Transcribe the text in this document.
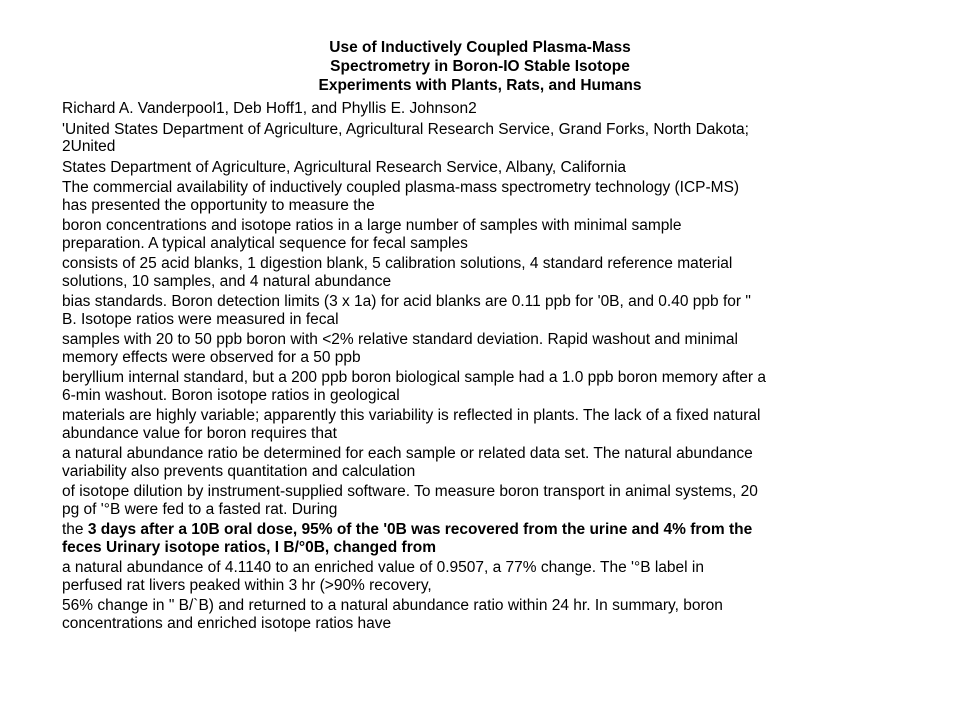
Use of Inductively Coupled Plasma-Mass
Spectrometry in Boron-IO Stable Isotope
Experiments with Plants, Rats, and Humans

Richard A. Vanderpool1, Deb Hoff1, and Phyllis E. Johnson2

'United States Department of Agriculture, Agricultural Research Service, Grand Forks, North Dakota;
2United

States Department of Agriculture, Agricultural Research Service, Albany, California

The commercial availability of inductively coupled plasma-mass spectrometry technology (ICP-MS)
has presented the opportunity to measure the

boron concentrations and isotope ratios in a large number of samples with minimal sample
preparation. A typical analytical sequence for fecal samples

consists of 25 acid blanks, 1 digestion blank, 5 calibration solutions, 4 standard reference material
solutions, 10 samples, and 4 natural abundance

bias standards. Boron detection limits (3 x 1a) for acid blanks are 0.11 ppb for '0B, and 0.40 ppb for "
B. Isotope ratios were measured in fecal

samples with 20 to 50 ppb boron with <2% relative standard deviation. Rapid washout and minimal
memory effects were observed for a 50 ppb

beryllium internal standard, but a 200 ppb boron biological sample had a 1.0 ppb boron memory after a
6-min washout. Boron isotope ratios in geological

materials are highly variable; apparently this variability is reflected in plants. The lack of a fixed natural
abundance value for boron requires that

a natural abundance ratio be determined for each sample or related data set. The natural abundance
variability also prevents quantitation and calculation

of isotope dilution by instrument-supplied software. To measure boron transport in animal systems, 20
pg of '°B were fed to a fasted rat. During

the 3 days after a 10B oral dose, 95% of the '0B was recovered from the urine and 4% from the
feces Urinary isotope ratios, I B/°0B, changed from

a natural abundance of 4.1140 to an enriched value of 0.9507, a 77% change. The '°B label in
perfused rat livers peaked within 3 hr (>90% recovery,

56% change in " B/`B) and returned to a natural abundance ratio within 24 hr. In summary, boron
concentrations and enriched isotope ratios have
